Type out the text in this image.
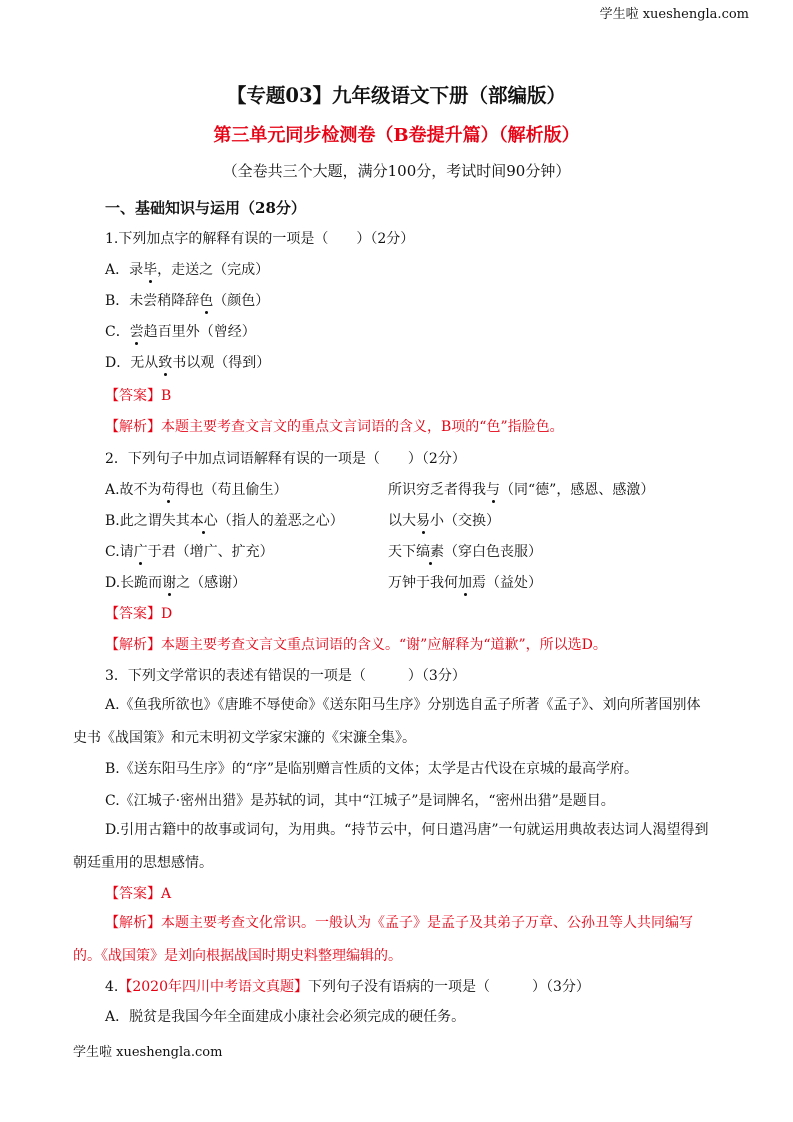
学生啦 xueshengla.com
【专题03】九年级语文下册（部编版）
第三单元同步检测卷（B卷提升篇）（解析版）
（全卷共三个大题，满分100分，考试时间90分钟）
一、基础知识与运用（28分）
1.下列加点字的解释有误的一项是（　　）（2分）
A．录毕，走送之（完成）
B．未尝稍降辞色（颜色）
C．尝趋百里外（曾经）
D．无从致书以观（得到）
【答案】B
【解析】本题主要考查文言文的重点文言词语的含义，B项的“色”指脸色。
2．下列句子中加点词语解释有误的一项是（　　）（2分）
A.故不为苟得也（苟且偷生）	所识穷乏者得我与（同“德”，感恩、感激）
B.此之谓失其本心（指人的羞恶之心）	以大易小（交换）
C.请广于君（增广、扩充）	天下缟素（穿白色丧服）
D.长跪而谢之（感谢）	万钟于我何加焉（益处）
【答案】D
【解析】本题主要考查文言文重点词语的含义。“谢”应解释为“道歉”，所以选D。
3．下列文学常识的表述有错误的一项是（　　　）（3分）
A.《鱼我所欲也》《唐雎不辱使命》《送东阳马生序》分别选自孟子所著《孟子》、刘向所著国别体史书《战国策》和元末明初文学家宋濂的《宋濂全集》。
B.《送东阳马生序》的“序”是临别赠言性质的文体；太学是古代设在京城的最高学府。
C.《江城子·密州出猎》是苏轼的词，其中“江城子”是词牌名，“密州出猎”是题目。
D.引用古籍中的故事或词句，为用典。“持节云中，何日遣冯唐”一句就运用典故表达词人渴望得到朝廷重用的思想感情。
【答案】A
【解析】本题主要考查文化常识。一般认为《孟子》是孟子及其弟子万章、公孙丑等人共同编写的。《战国策》是刘向根据战国时期史料整理编辑的。
4.【2020年四川中考语文真题】下列句子没有语病的一项是（　　　）（3分）
A．脱贫是我国今年全面建成小康社会必须完成的硬任务。
学生啦 xueshengla.com
